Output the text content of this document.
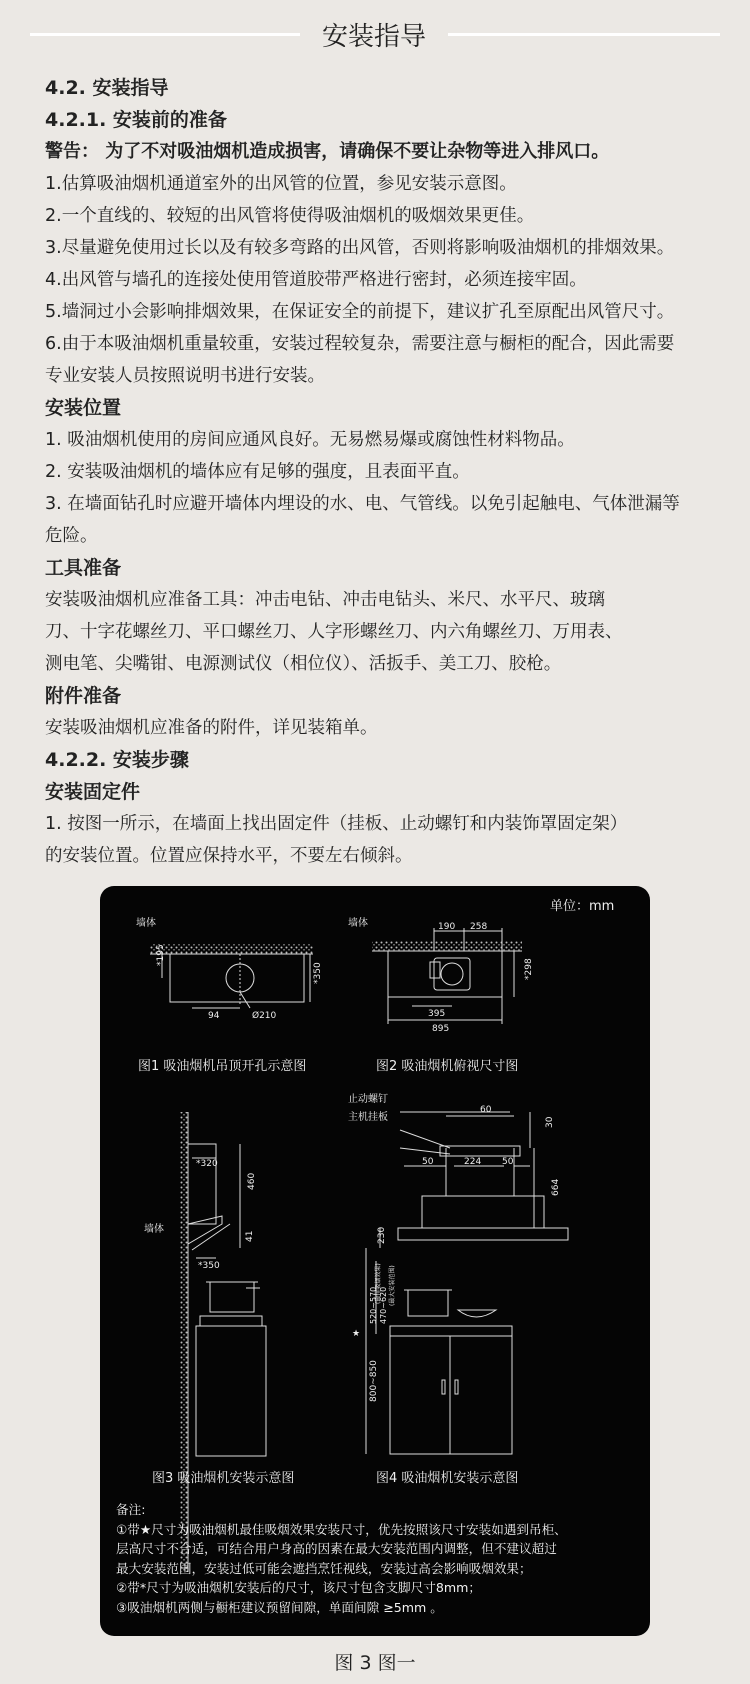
安装指导
4.2. 安装指导
4.2.1. 安装前的准备
警告： 为了不对吸油烟机造成损害，请确保不要让杂物等进入排风口。
1.估算吸油烟机通道室外的出风管的位置，参见安装示意图。
2.一个直线的、较短的出风管将使得吸油烟机的吸烟效果更佳。
3.尽量避免使用过长以及有较多弯路的出风管，否则将影响吸油烟机的排烟效果。
4.出风管与墙孔的连接处使用管道胶带严格进行密封，必须连接牢固。
5.墙洞过小会影响排烟效果，在保证安全的前提下，建议扩孔至原配出风管尺寸。
6.由于本吸油烟机重量较重，安装过程较复杂，需要注意与橱柜的配合，因此需要
专业安装人员按照说明书进行安装。
安装位置
1. 吸油烟机使用的房间应通风良好。无易燃易爆或腐蚀性材料物品。
2. 安装吸油烟机的墙体应有足够的强度，且表面平直。
3. 在墙面钻孔时应避开墙体内埋设的水、电、气管线。以免引起触电、气体泄漏等
危险。
工具准备
安装吸油烟机应准备工具：冲击电钻、冲击电钻头、米尺、水平尺、玻璃
刀、十字花螺丝刀、平口螺丝刀、人字形螺丝刀、内六角螺丝刀、万用表、
测电笔、尖嘴钳、电源测试仪（相位仪）、活扳手、美工刀、胶枪。
附件准备
安装吸油烟机应准备的附件，详见装箱单。
4.2.2. 安装步骤
安装固定件
1. 按图一所示，在墙面上找出固定件（挂板、止动螺钉和内装饰罩固定架）
的安装位置。位置应保持水平，不要左右倾斜。
单位：mm
墙体
*195
*350
94	Ø210
图1 吸油烟机吊顶开孔示意图
墙体	190 258
*298
395
895
图2 吸油烟机俯视尺寸图
*320
460
41
墙体
*350
图3 吸油烟机安装示意图
止动螺钉
主机挂板
60
30
50	224 50
664
230
520~570
(最佳吸烟效果)
470~620 (最大安装范围)
★
800~850
图4 吸油烟机安装示意图
备注:
①带★尺寸为吸油烟机最佳吸烟效果安装尺寸，优先按照该尺寸安装如遇到吊柜、
层高尺寸不合适，可结合用户身高的因素在最大安装范围内调整，但不建议超过
最大安装范围，安装过低可能会遮挡烹饪视线，安装过高会影响吸烟效果；
②带*尺寸为吸油烟机安装后的尺寸，该尺寸包含支脚尺寸8mm；
③吸油烟机两侧与橱柜建议预留间隙，单面间隙 ≥5mm 。
图 3 图一
